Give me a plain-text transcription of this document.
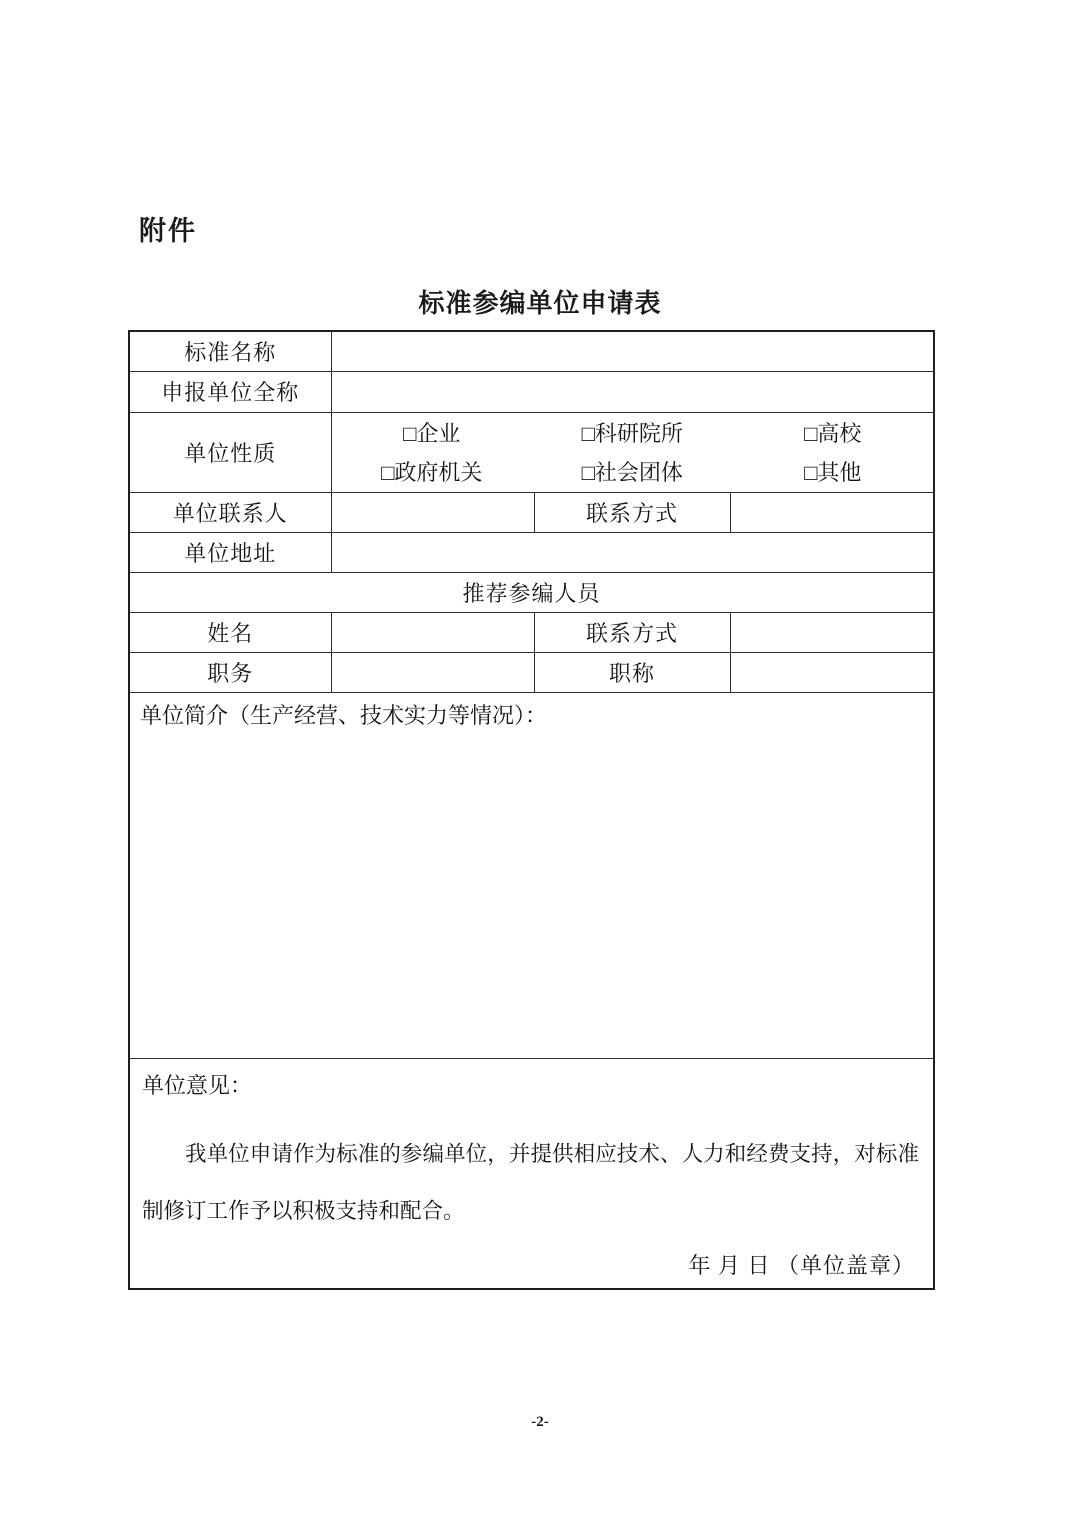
附件
标准参编单位申请表
标准名称			
申报单位全称			
单位性质	
□企业	□科研院所	□高校
□政府机关	□社会团体	□其他

单位联系人		联系方式	
单位地址			
推荐参编人员			
姓名		联系方式	
职务		职称	
单位简介（生产经营、技术实力等情况）：			

单位意见：
我单位申请作为标准的参编单位，并提供相应技术、人力和经费支持，对标准制修订工作予以积极支持和配合。
年 月 日 （单位盖章）			
-2-
